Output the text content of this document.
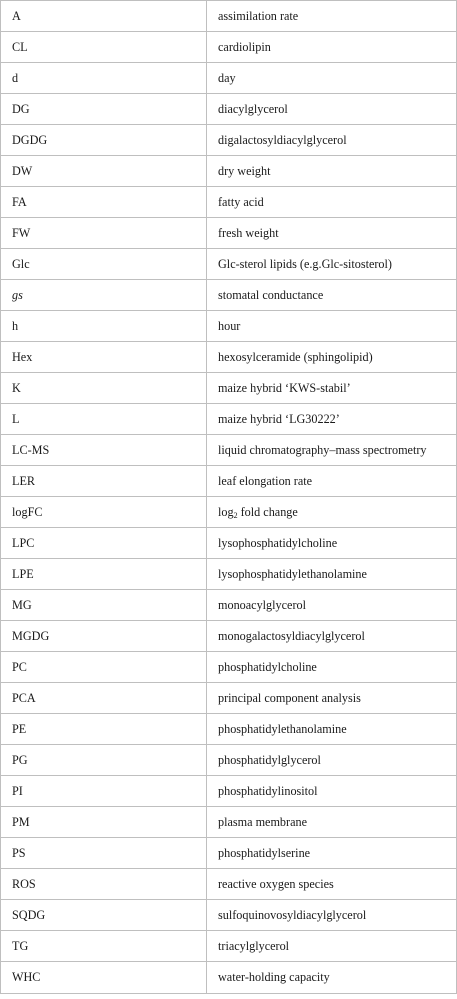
A	assimilation rate
CL	cardiolipin
d	day
DG	diacylglycerol
DGDG	digalactosyldiacylglycerol
DW	dry weight
FA	fatty acid
FW	fresh weight
Glc	Glc-sterol lipids (e.g.Glc-sitosterol)
gs	stomatal conductance
h	hour
Hex	hexosylceramide (sphingolipid)
K	maize hybrid ‘KWS-stabil’
L	maize hybrid ‘LG30222’
LC-MS	liquid chromatography–mass spectrometry
LER	leaf elongation rate
logFC	$\log_2$ fold change
LPC	lysophosphatidylcholine
LPE	lysophosphatidylethanolamine
MG	monoacylglycerol
MGDG	monogalactosyldiacylglycerol
PC	phosphatidylcholine
PCA	principal component analysis
PE	phosphatidylethanolamine
PG	phosphatidylglycerol
PI	phosphatidylinositol
PM	plasma membrane
PS	phosphatidylserine
ROS	reactive oxygen species
SQDG	sulfoquinovosyldiacylglycerol
TG	triacylglycerol
WHC	water-holding capacity
